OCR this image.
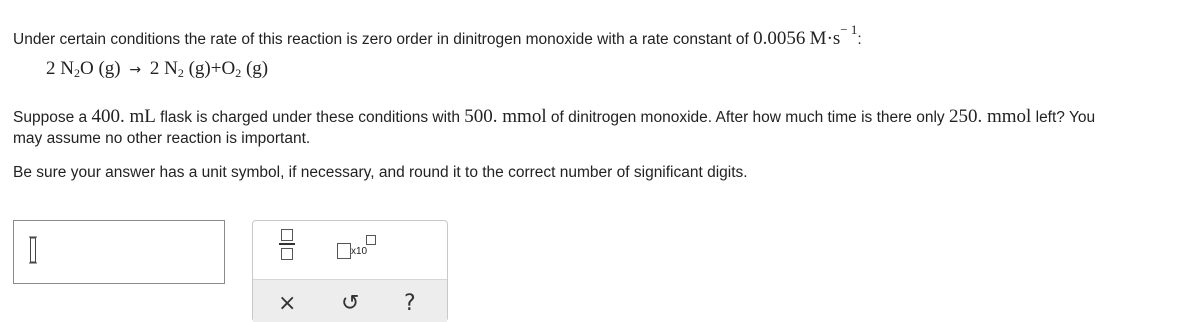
Under certain conditions the rate of this reaction is zero order in dinitrogen monoxide with a rate constant of 0.0056 $M\cdot s^{- 1}$:
2 $N_2O$ (g) → 2 $N_2$ $(g)+O_2$ (g)
Suppose a 400. mL flask is charged under these conditions with 500. mmol of dinitrogen monoxide. After how much time is there only 250. mmol left? You
may assume no other reaction is important.
Be sure your answer has a unit symbol, if necessary, and round it to the correct number of significant digits.
x10
× ↺ ?
